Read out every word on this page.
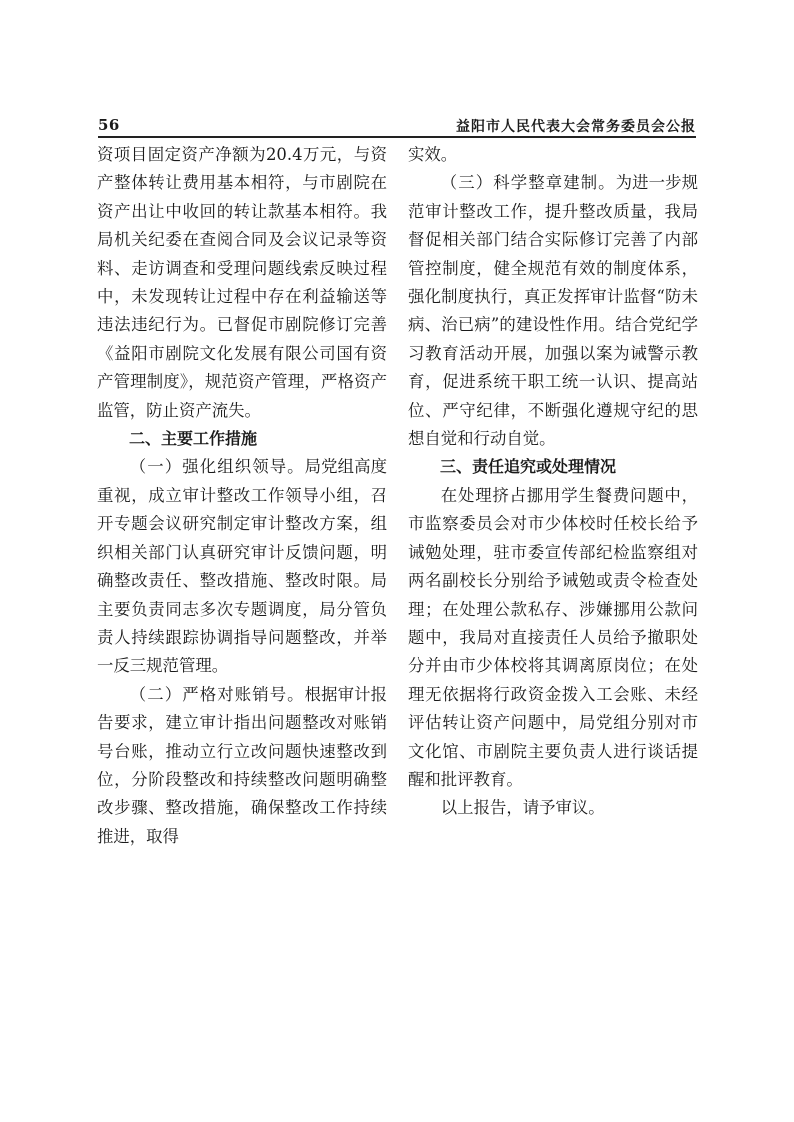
56	益阳市人民代表大会常务委员会公报

资项目固定资产净额为20.4万元，与资产整体转让费用基本相符，与市剧院在资产出让中收回的转让款基本相符。我局机关纪委在查阅合同及会议记录等资料、走访调查和受理问题线索反映过程中，未发现转让过程中存在利益输送等违法违纪行为。已督促市剧院修订完善《益阳市剧院文化发展有限公司国有资产管理制度》，规范资产管理，严格资产监管，防止资产流失。

二、主要工作措施

（一）强化组织领导。局党组高度重视，成立审计整改工作领导小组，召开专题会议研究制定审计整改方案，组织相关部门认真研究审计反馈问题，明确整改责任、整改措施、整改时限。局主要负责同志多次专题调度，局分管负责人持续跟踪协调指导问题整改，并举一反三规范管理。

（二）严格对账销号。根据审计报告要求，建立审计指出问题整改对账销号台账，推动立行立改问题快速整改到位，分阶段整改和持续整改问题明确整改步骤、整改措施，确保整改工作持续推进，取得

实效。

（三）科学整章建制。为进一步规范审计整改工作，提升整改质量，我局督促相关部门结合实际修订完善了内部管控制度，健全规范有效的制度体系，强化制度执行，真正发挥审计监督“防未病、治已病”的建设性作用。结合党纪学习教育活动开展，加强以案为诫警示教育，促进系统干职工统一认识、提高站位、严守纪律，不断强化遵规守纪的思想自觉和行动自觉。

三、责任追究或处理情况

在处理挤占挪用学生餐费问题中，市监察委员会对市少体校时任校长给予诫勉处理，驻市委宣传部纪检监察组对两名副校长分别给予诫勉或责令检查处理；在处理公款私存、涉嫌挪用公款问题中，我局对直接责任人员给予撤职处分并由市少体校将其调离原岗位；在处理无依据将行政资金拨入工会账、未经评估转让资产问题中，局党组分别对市文化馆、市剧院主要负责人进行谈话提醒和批评教育。

以上报告，请予审议。
